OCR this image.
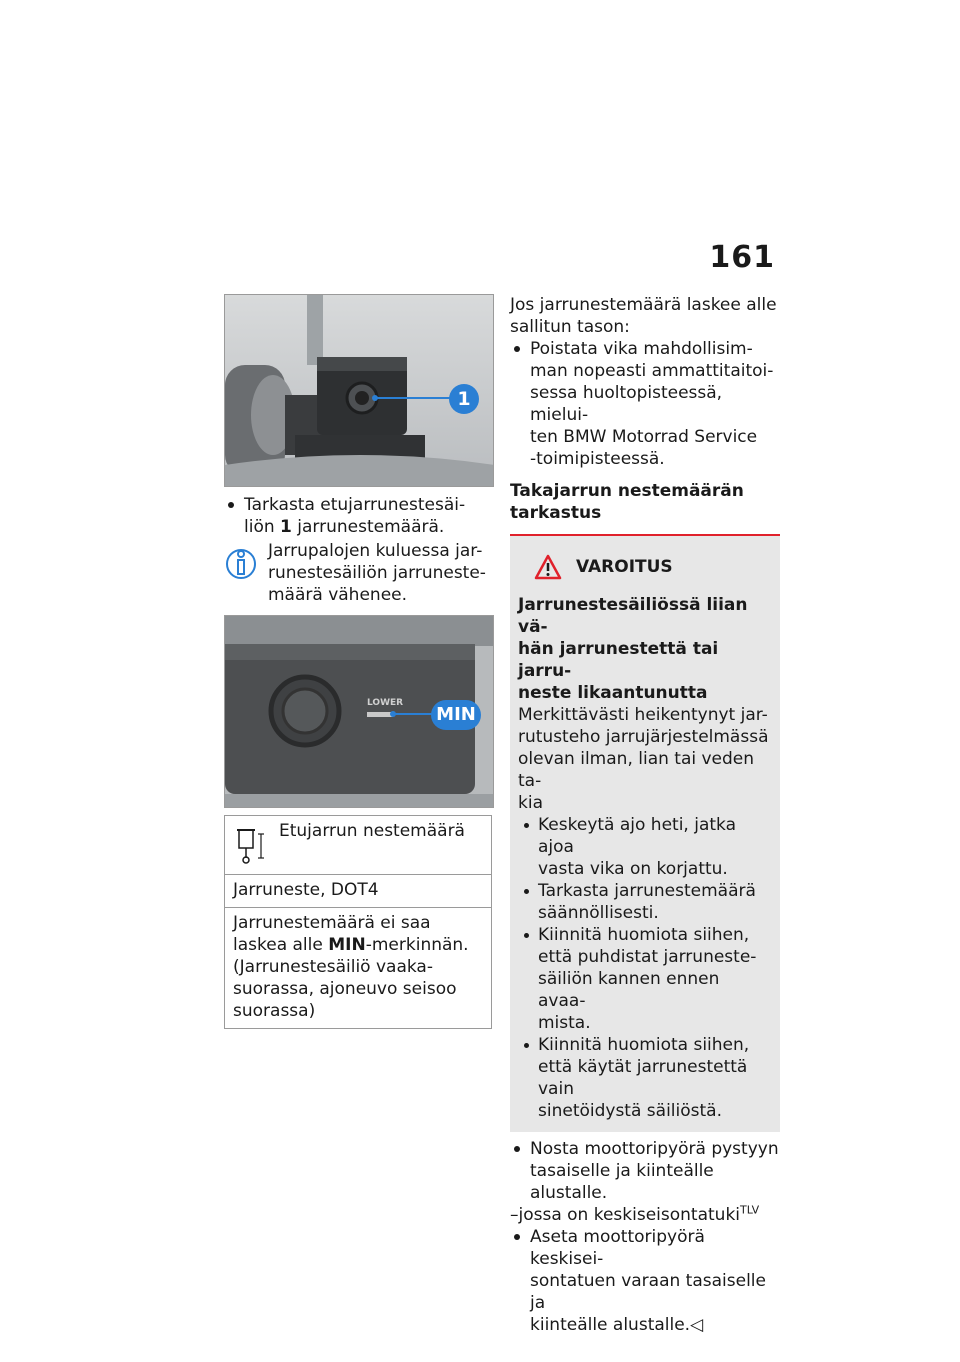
161
1
Tarkasta etujarrunestesäi-
liön 1 jarrunestemäärä.
Jarrupalojen kuluessa jar-
runestesäiliön jarruneste-
määrä vähenee.
LOWER
MIN
Etujarrun nestemäärä
Jarruneste, DOT4
Jarrunestemäärä ei saa
laskea alle MIN-merkinnän.
(Jarrunestesäiliö vaaka-
suorassa, ajoneuvo seisoo
suorassa)
Jos jarrunestemäärä laskee alle
sallitun tason:
Poistata vika mahdollisim-
man nopeasti ammattitaitoi-
sessa huoltopisteessä, mielui-
ten BMW Motorrad Service
-toimipisteessä.
Takajarrun nestemäärän
tarkastus
VAROITUS
Jarrunestesäiliössä liian vä-
hän jarrunestettä tai jarru-
neste likaantunutta
Merkittävästi heikentynyt jar-
rutusteho jarrujärjestelmässä
olevan ilman, lian tai veden ta-
kia
Keskeytä ajo heti, jatka ajoa
vasta vika on korjattu.
Tarkasta jarrunestemäärä
säännöllisesti.
Kiinnitä huomiota siihen,
että puhdistat jarruneste-
säiliön kannen ennen avaa-
mista.
Kiinnitä huomiota siihen,
että käytät jarrunestettä vain
sinetöidystä säiliöstä.
Nosta moottoripyörä pystyyn
tasaiselle ja kiinteälle alustalle.
–jossa on keskiseisontatuki$^{TLV}$
Aseta moottoripyörä keskisei-
sontatuen varaan tasaiselle ja
kiinteälle alustalle.◁
